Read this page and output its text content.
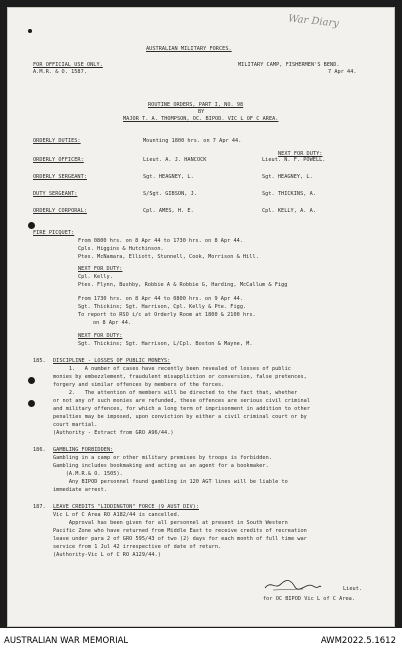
War Diary
AUSTRALIAN MILITARY FORCES.
FOR OFFICIAL USE ONLY.
A.M.R. & O. 1587.
MILITARY CAMP, FISHERMEN'S BEND.
7 Apr 44.
ROUTINE ORDERS, PART I, NO. 98
BY
MAJOR T. A. THOMPSON, OC. BIPOD. VIC L OF C AREA.
ORDERLY DUTIES:	Mounting 1800 hrs. on 7 Apr 44.
NEXT FOR DUTY:
ORDERLY OFFICER:	Lieut. A. J. HANCOCK	Lieut. N. F. POWELL.
ORDERLY SERGEANT:	Sgt. HEAGNEY, L.	Sgt. HEAGNEY, L.
DUTY SERGEANT:	S/Sgt. GIBSON, J.	Sgt. THICKINS, A.
ORDERLY CORPORAL:	Cpl. AMES, H. E.	Cpl. KELLY, A. A.
FIRE PICQUET:
From 0800 hrs. on 8 Apr 44 to 1730 hrs. on 8 Apr 44.
Cpls. Higgins & Hutchinson.
Ptes. McNamara, Elliott, Stunnell, Cook, Morrison & Hill.
NEXT FOR DUTY:
Cpl. Kelly.
Ptes. Flynn, Bushby, Robbie A & Robbie G, Harding, McCallum & Figg
From 1730 hrs. on 8 Apr 44 to 0800 hrs. on 9 Apr 44.
Sgt. Thickins; Sgt. Harrison, Cpl. Kelly & Pte. Figg.
To report to RSO i/c at Orderly Room at 1800 & 2100 hrs.
on 8 Apr 44.
NEXT FOR DUTY:
Sgt. Thickins; Sgt. Harrison, L/Cpl. Boston & Mayne, M.
185. DISCIPLINE - LOSSES OF PUBLIC MONEYS:
1.   A number of cases have recently been revealed of losses of public
monies by embezzlement, fraudulent misappliction or conversion, false pretences,
forgery and similar offences by members of the forces.
2.   The attention of members will be directed to the fact that, whether
or not any of such monies are refunded, these offences are serious civil criminal
and military offences, for which a long term of imprisonment in addition to other
penalties may be imposed, upon conviction by either a civil criminal court or by
court martial.
(Authority - Extract from GRO A96/44.)
186. GAMBLING FORBIDDEN:
Gambling in a camp or other military premises by troops is forbidden.
Gambling includes bookmaking and acting as an agent for a bookmaker.
(A.M.R.& O. 1505).
Any BIPOD personnel found gambling in 120 AGT lines will be liable to
immediate arrest.
187. LEAVE CREDITS "LIDDINGTON" FORCE (9 AUST DIV):
Vic L of C Area RO A182/44 is cancelled.
Approval has been given for all personnel at present in South Western
Pacific Zone who have returned from Middle East to receive credits of recreation
leave under para 2 of GRO 595/43 of two (2) days for each month of full time war
service from 1 Jul 42 irrespective of date of return.
(Authority-Vic L of C RO A129/44.)
Lieut.
for OC BIPOD Vic L of C Area.
AUSTRALIAN WAR MEMORIAL	AWM2022.5.1612
